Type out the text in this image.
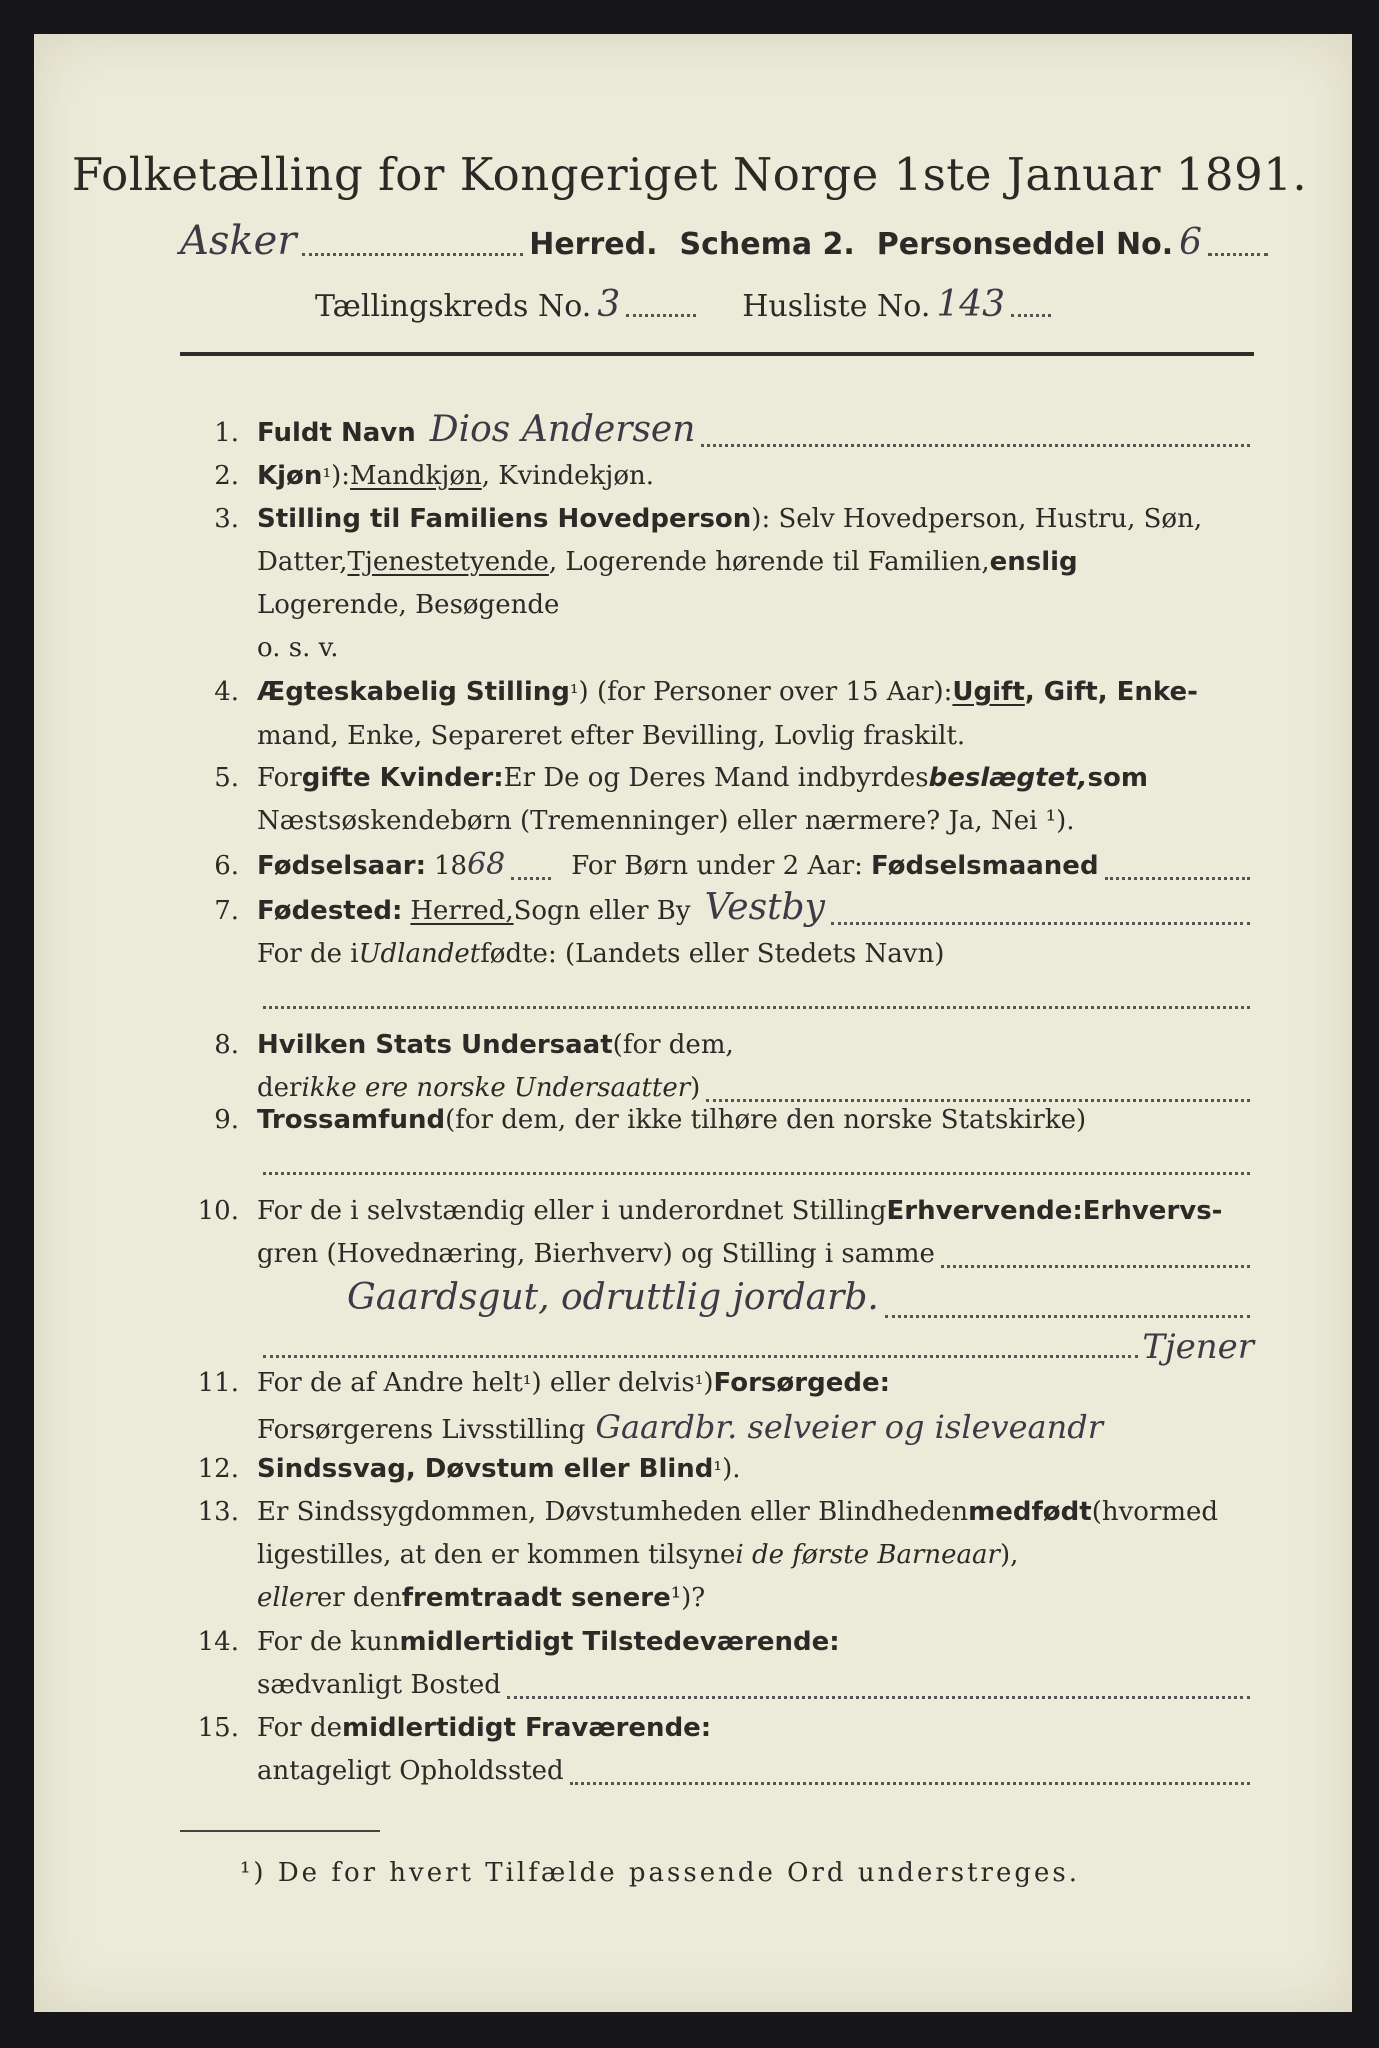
Folketælling for Kongeriget Norge 1ste Januar 1891.
Asker	Herred. Schema 2. Personseddel No. 6
Tællingskreds No. 3	Husliste No. 143
1. Fuldt Navn Dios Andersen
2. Kjøn ¹ ): Mandkjøn , Kvindekjøn.
3. Stilling til Familiens Hovedperson ): Selv Hovedperson, Hustru, Søn,
Datter, Tjenestetyende , Logerende hørende til Familien, enslig
Logerende, Besøgende
o. s. v.
4. Ægteskabelig Stilling ¹ ) (for Personer over 15 Aar): Ugift , Gift, Enke-
mand, Enke, Separeret efter Bevilling, Lovlig fraskilt.
5. For gifte Kvinder: Er De og Deres Mand indbyrdes beslægtet, som
Næstsøskendebørn (Tremenninger) eller nærmere? Ja, Nei ¹).
6. Fødselsaar: 18 68	For Børn under 2 Aar: Fødselsmaaned
7. Fødested: Herred, Sogn eller By Vestby
For de i Udlandet fødte: (Landets eller Stedets Navn)
8. Hvilken Stats Undersaat (for dem,
der ikke ere norske Undersaatter )
9. Trossamfund (for dem, der ikke tilhøre den norske Statskirke)
10. For de i selvstændig eller i underordnet Stilling Erhvervende: Erhvervs-
gren (Hovednæring, Bierhverv) og Stilling i samme
Gaardsgut, odruttlig jordarb.
Tjener
11. For de af Andre helt ¹ ) eller delvis ¹ ) Forsørgede:
Forsørgerens Livsstilling Gaardbr. selveier og isleveandr
12. Sindssvag, Døvstum eller Blind ¹ ).
13. Er Sindssygdommen, Døvstumheden eller Blindheden medfødt (hvormed
ligestilles, at den er kommen tilsyne i de første Barneaar ),
eller er den fremtraadt senere ¹)?
14. For de kun midlertidigt Tilstedeværende:
sædvanligt Bosted
15. For de midlertidigt Fraværende:
antageligt Opholdssted
¹) De for hvert Tilfælde passende Ord understreges.
